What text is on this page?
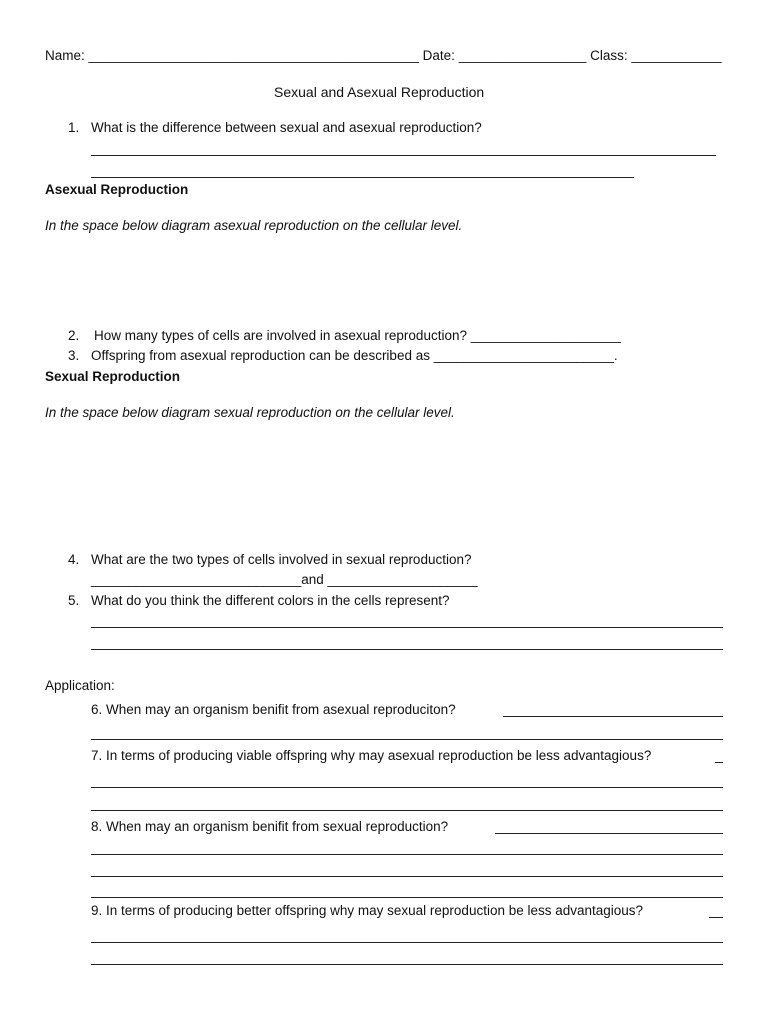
Name: ____________________________________________ Date: _________________ Class: ____________
Sexual and Asexual Reproduction
1. What is the difference between sexual and asexual reproduction?
Asexual Reproduction
In the space below diagram asexual reproduction on the cellular level.
2. How many types of cells are involved in asexual reproduction? ____________________
3. Offspring from asexual reproduction can be described as ________________________.
Sexual Reproduction
In the space below diagram sexual reproduction on the cellular level.
4. What are the two types of cells involved in sexual reproduction?
____________________________and ____________________
5. What do you think the different colors in the cells represent?
Application:
6. When may an organism benifit from asexual reproduciton?
7. In terms of producing viable offspring why may asexual reproduction be less advantagious?
8. When may an organism benifit from sexual reproduction?
9. In terms of producing better offspring why may sexual reproduction be less advantagious?
